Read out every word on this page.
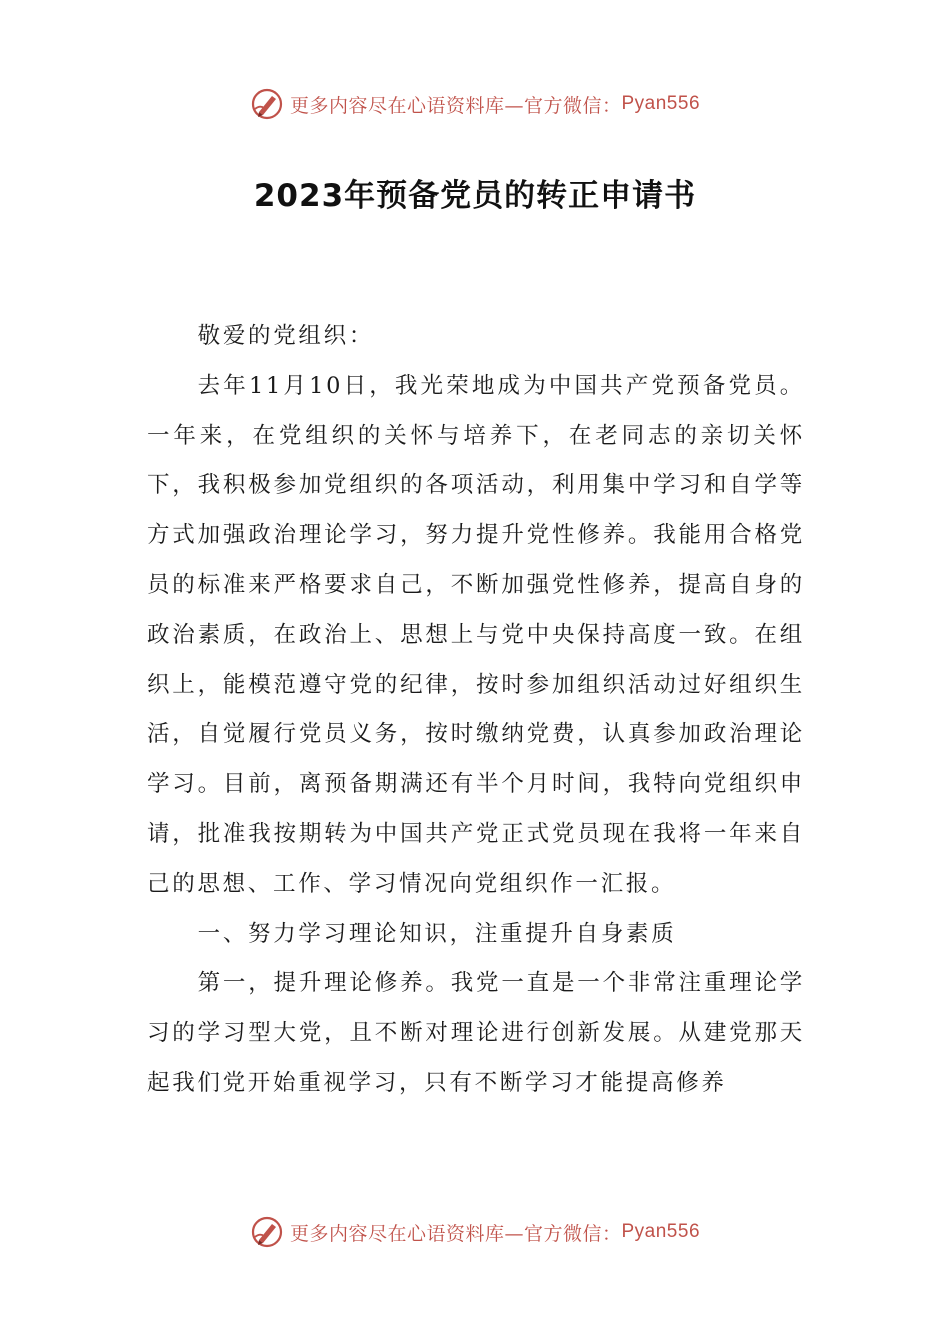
更多内容尽在心语资料库—官方微信： Pyan556
2023年预备党员的转正申请书

敬爱的党组织：

去年11月10日，我光荣地成为中国共产党预备党员。一年来，在党组织的关怀与培养下，在老同志的亲切关怀下，我积极参加党组织的各项活动，利用集中学习和自学等方式加强政治理论学习，努力提升党性修养。我能用合格党员的标准来严格要求自己，不断加强党性修养，提高自身的政治素质，在政治上、思想上与党中央保持高度一致。在组织上，能模范遵守党的纪律，按时参加组织活动过好组织生活，自觉履行党员义务，按时缴纳党费，认真参加政治理论学习。目前，离预备期满还有半个月时间，我特向党组织申请，批准我按期转为中国共产党正式党员现在我将一年来自己的思想、工作、学习情况向党组织作一汇报。

一、努力学习理论知识，注重提升自身素质

第一，提升理论修养。我党一直是一个非常注重理论学习的学习型大党，且不断对理论进行创新发展。从建党那天起我们党开始重视学习，只有不断学习才能提高修养

更多内容尽在心语资料库—官方微信： Pyan556
